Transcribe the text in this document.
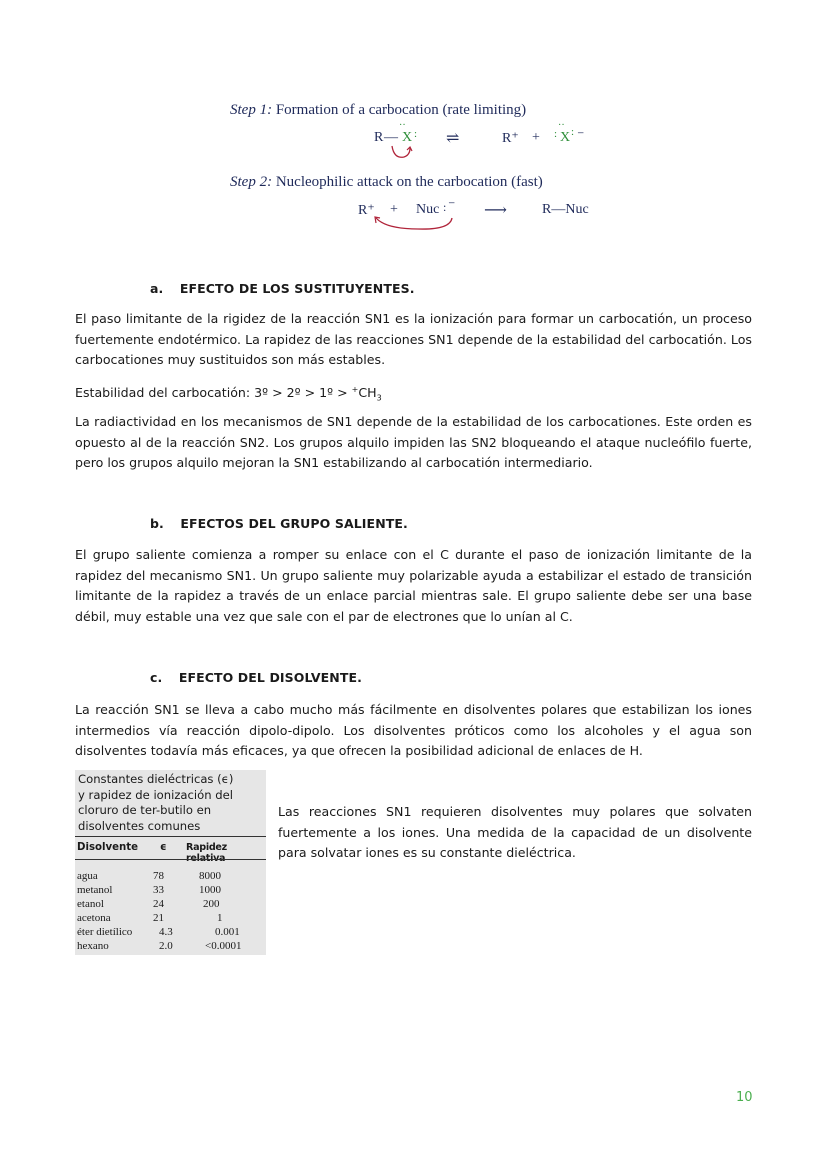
Step 1: Formation of a carbocation (rate limiting)
R — X
··
: ⇌	R⁺ + : X
··
: ⁻
Step 2: Nucleophilic attack on the carbocation (fast)
R⁺ + Nuc : ⁻ ⟶	R—Nuc
a. EFECTO DE LOS SUSTITUYENTES.

El paso limitante de la rigidez de la reacción SN1 es la ionización para formar un carbocatión, un proceso fuertemente endotérmico. La rapidez de las reacciones SN1 depende de la estabilidad del carbocatión. Los carbocationes muy sustituidos son más estables.

Estabilidad del carbocatión: 3º > 2º > 1º > $^+CH_3$

La radiactividad en los mecanismos de SN1 depende de la estabilidad de los carbocationes. Este orden es opuesto al de la reacción SN2. Los grupos alquilo impiden las SN2 bloqueando el ataque nucleófilo fuerte, pero los grupos alquilo mejoran la SN1 estabilizando al carbocatión intermediario.

b. EFECTOS DEL GRUPO SALIENTE.

El grupo saliente comienza a romper su enlace con el C durante el paso de ionización limitante de la rapidez del mecanismo SN1. Un grupo saliente muy polarizable ayuda a estabilizar el estado de transición limitante de la rapidez a través de un enlace parcial mientras sale. El grupo saliente debe ser una base débil, muy estable una vez que sale con el par de electrones que lo unían al C.

c. EFECTO DEL DISOLVENTE.

La reacción SN1 se lleva a cabo mucho más fácilmente en disolventes polares que estabilizan los iones intermedios vía reacción dipolo-dipolo. Los disolventes próticos como los alcoholes y el agua son disolventes todavía más eficaces, ya que ofrecen la posibilidad adicional de enlaces de H.

Constantes dieléctricas (ϵ)
y rapidez de ionización del
cloruro de ter-butilo en
disolventes comunes
Disolvente ϵ Rapidez
agua	78	8000
metanol	33	1000
etanol	24	200
acetona	21	1
éter dietílico 4.3	0.001
hexano	2.0	<0.0001

Las reacciones SN1 requieren disolventes muy polares que solvaten fuertemente a los iones. Una medida de la capacidad de un disolvente para solvatar iones es su constante dieléctrica.

10
